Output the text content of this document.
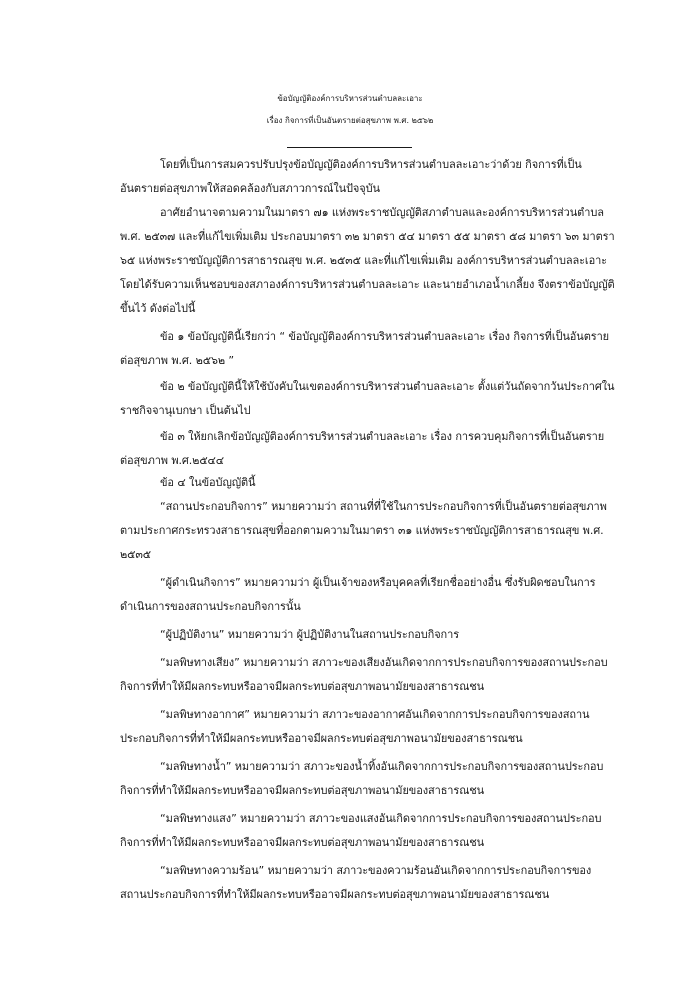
ข้อบัญญัติองค์การบริหารส่วนตำบลละเอาะ
เรื่อง กิจการที่เป็นอันตรายต่อสุขภาพ พ.ศ. ๒๕๖๒
โดยที่เป็นการสมควรปรับปรุงข้อบัญญัติองค์การบริหารส่วนตำบลละเอาะว่าด้วย กิจการที่เป็น
อันตรายต่อสุขภาพให้สอดคล้องกับสภาวการณ์ในปัจจุบัน
อาศัยอำนาจตามความในมาตรา ๗๑ แห่งพระราชบัญญัติสภาตำบลและองค์การบริหารส่วนตำบล
พ.ศ. ๒๕๓๗ และที่แก้ไขเพิ่มเติม ประกอบมาตรา ๓๒ มาตรา ๕๔ มาตรา ๕๕ มาตรา ๕๘ มาตรา ๖๓ มาตรา
๖๕ แห่งพระราชบัญญัติการสาธารณสุข พ.ศ. ๒๕๓๕ และที่แก้ไขเพิ่มเติม องค์การบริหารส่วนตำบลละเอาะ
โดยได้รับความเห็นชอบของสภาองค์การบริหารส่วนตำบลละเอาะ และนายอำเภอน้ำเกลี้ยง จึงตราข้อบัญญัติ
ขึ้นไว้ ดังต่อไปนี้
ข้อ ๑ ข้อบัญญัตินี้เรียกว่า “ ข้อบัญญัติองค์การบริหารส่วนตำบลละเอาะ เรื่อง กิจการที่เป็นอันตราย
ต่อสุขภาพ พ.ศ. ๒๕๖๒ ”
ข้อ ๒ ข้อบัญญัตินี้ให้ใช้บังคับในเขตองค์การบริหารส่วนตำบลละเอาะ ตั้งแต่วันถัดจากวันประกาศใน
ราชกิจจานุเบกษา เป็นต้นไป
ข้อ ๓ ให้ยกเลิกข้อบัญญัติองค์การบริหารส่วนตำบลละเอาะ เรื่อง การควบคุมกิจการที่เป็นอันตราย
ต่อสุขภาพ พ.ศ.๒๕๔๔
ข้อ ๔ ในข้อบัญญัตินี้
“สถานประกอบกิจการ” หมายความว่า สถานที่ที่ใช้ในการประกอบกิจการที่เป็นอันตรายต่อสุขภาพ
ตามประกาศกระทรวงสาธารณสุขที่ออกตามความในมาตรา ๓๑ แห่งพระราชบัญญัติการสาธารณสุข พ.ศ.
๒๕๓๕
“ผู้ดำเนินกิจการ” หมายความว่า ผู้เป็นเจ้าของหรือบุคคลที่เรียกชื่ออย่างอื่น ซึ่งรับผิดชอบในการ
ดำเนินการของสถานประกอบกิจการนั้น
“ผู้ปฏิบัติงาน” หมายความว่า ผู้ปฏิบัติงานในสถานประกอบกิจการ
“มลพิษทางเสียง” หมายความว่า สภาวะของเสียงอันเกิดจากการประกอบกิจการของสถานประกอบ
กิจการที่ทำให้มีผลกระทบหรืออาจมีผลกระทบต่อสุขภาพอนามัยของสาธารณชน
“มลพิษทางอากาศ” หมายความว่า สภาวะของอากาศอันเกิดจากการประกอบกิจการของสถาน
ประกอบกิจการที่ทำให้มีผลกระทบหรืออาจมีผลกระทบต่อสุขภาพอนามัยของสาธารณชน
“มลพิษทางน้ำ” หมายความว่า สภาวะของน้ำทิ้งอันเกิดจากการประกอบกิจการของสถานประกอบ
กิจการที่ทำให้มีผลกระทบหรืออาจมีผลกระทบต่อสุขภาพอนามัยของสาธารณชน
“มลพิษทางแสง” หมายความว่า สภาวะของแสงอันเกิดจากการประกอบกิจการของสถานประกอบ
กิจการที่ทำให้มีผลกระทบหรืออาจมีผลกระทบต่อสุขภาพอนามัยของสาธารณชน
“มลพิษทางความร้อน” หมายความว่า สภาวะของความร้อนอันเกิดจากการประกอบกิจการของ
สถานประกอบกิจการที่ทำให้มีผลกระทบหรืออาจมีผลกระทบต่อสุขภาพอนามัยของสาธารณชน
